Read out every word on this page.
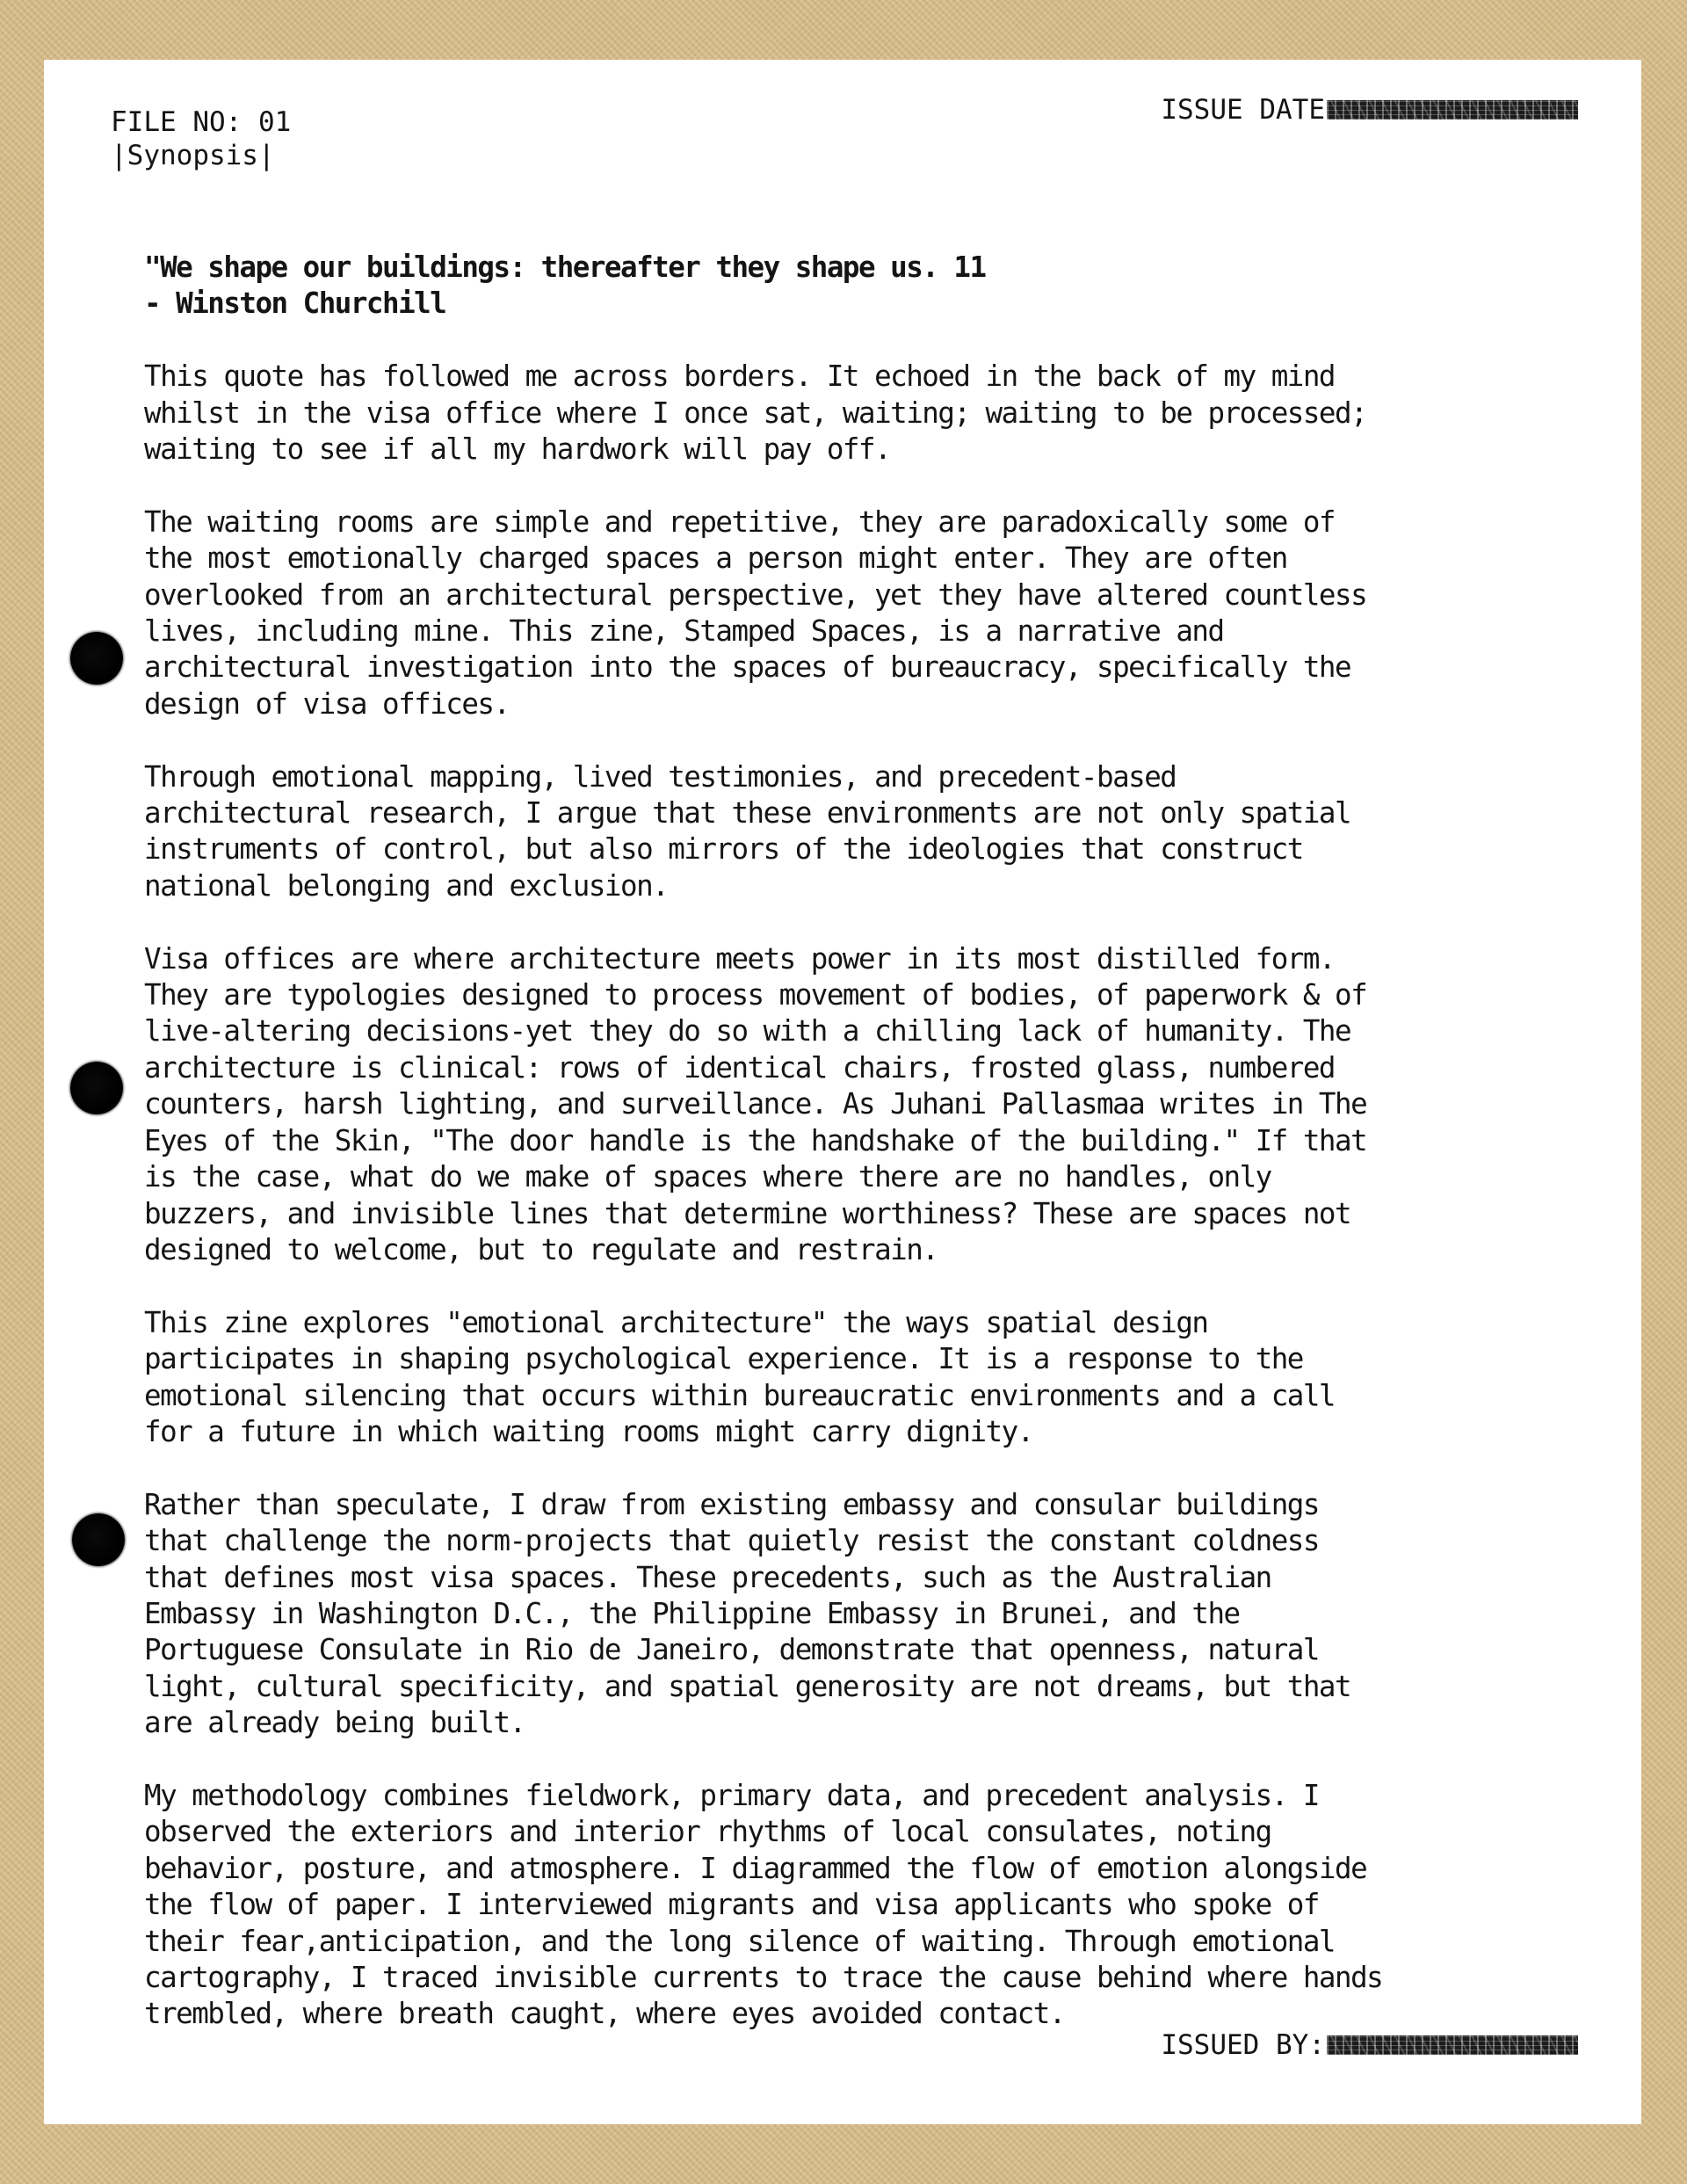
FILE NO: 01
|Synopsis|
ISSUE DATE
"We shape our buildings: thereafter they shape us. 11
- Winston Churchill
This quote has followed me across borders. It echoed in the back of my mind
whilst in the visa office where I once sat, waiting; waiting to be processed;
waiting to see if all my hardwork will pay off.
The waiting rooms are simple and repetitive, they are paradoxically some of
the most emotionally charged spaces a person might enter. They are often
overlooked from an architectural perspective, yet they have altered countless
lives, including mine. This zine, Stamped Spaces, is a narrative and
architectural investigation into the spaces of bureaucracy, specifically the
design of visa offices.
Through emotional mapping, lived testimonies, and precedent-based
architectural research, I argue that these environments are not only spatial
instruments of control, but also mirrors of the ideologies that construct
national belonging and exclusion.
Visa offices are where architecture meets power in its most distilled form.
They are typologies designed to process movement of bodies, of paperwork & of
live-altering decisions-yet they do so with a chilling lack of humanity. The
architecture is clinical: rows of identical chairs, frosted glass, numbered
counters, harsh lighting, and surveillance. As Juhani Pallasmaa writes in The
Eyes of the Skin, "The door handle is the handshake of the building." If that
is the case, what do we make of spaces where there are no handles, only
buzzers, and invisible lines that determine worthiness? These are spaces not
designed to welcome, but to regulate and restrain.
This zine explores "emotional architecture" the ways spatial design
participates in shaping psychological experience. It is a response to the
emotional silencing that occurs within bureaucratic environments and a call
for a future in which waiting rooms might carry dignity.
Rather than speculate, I draw from existing embassy and consular buildings
that challenge the norm-projects that quietly resist the constant coldness
that defines most visa spaces. These precedents, such as the Australian
Embassy in Washington D.C., the Philippine Embassy in Brunei, and the
Portuguese Consulate in Rio de Janeiro, demonstrate that openness, natural
light, cultural specificity, and spatial generosity are not dreams, but that
are already being built.
My methodology combines fieldwork, primary data, and precedent analysis. I
observed the exteriors and interior rhythms of local consulates, noting
behavior, posture, and atmosphere. I diagrammed the flow of emotion alongside
the flow of paper. I interviewed migrants and visa applicants who spoke of
their fear,anticipation, and the long silence of waiting. Through emotional
cartography, I traced invisible currents to trace the cause behind where hands
trembled, where breath caught, where eyes avoided contact.
ISSUED BY:
